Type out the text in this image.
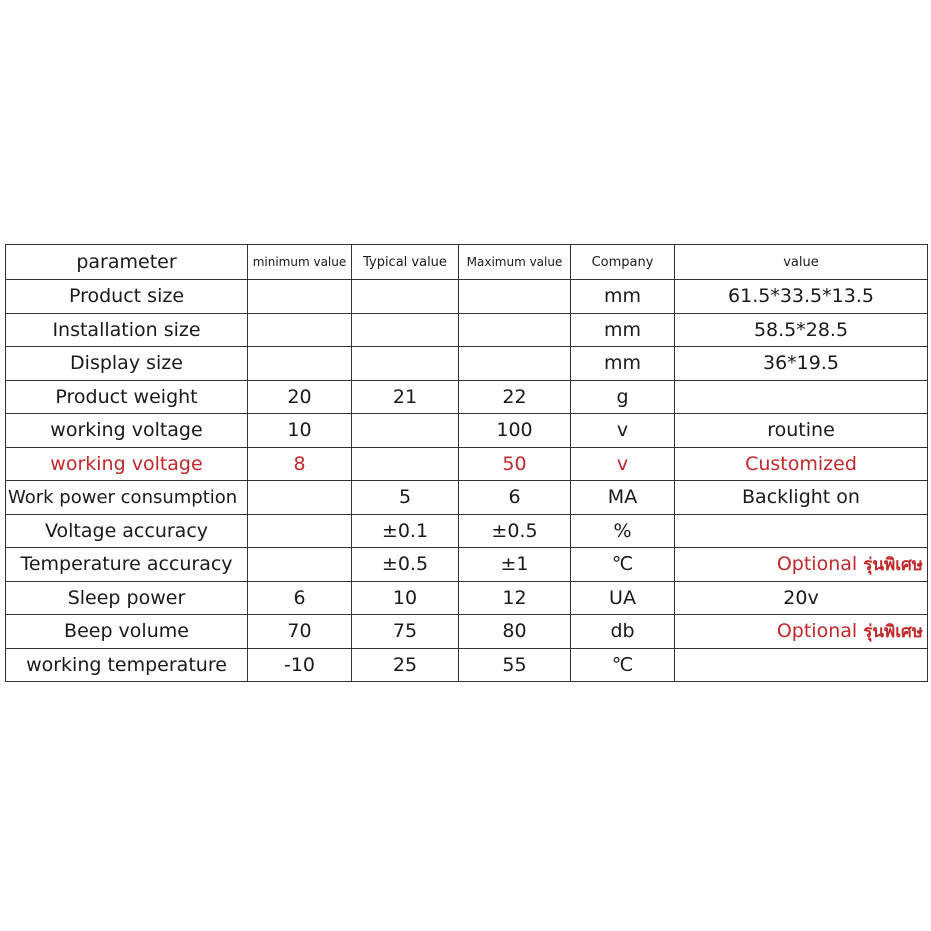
parameter	minimum value	Typical value	Maximum value	Company	value
Product size				mm	61.5*33.5*13.5
Installation size				mm	58.5*28.5
Display size				mm	36*19.5
Product weight	20	21	22	g	
working voltage	10		100	v	routine
working voltage	8		50	v	Customized
Work power consumption		5	6	MA	Backlight on
Voltage accuracy		±0.1	±0.5	%	
Temperature accuracy		±0.5	±1	℃	Optional รุ่นพิเศษ

Sleep power	6	10	12	UA	20v
Beep volume	70	75	80	db	Optional รุ่นพิเศษ

working temperature	-10	25	55	℃	
